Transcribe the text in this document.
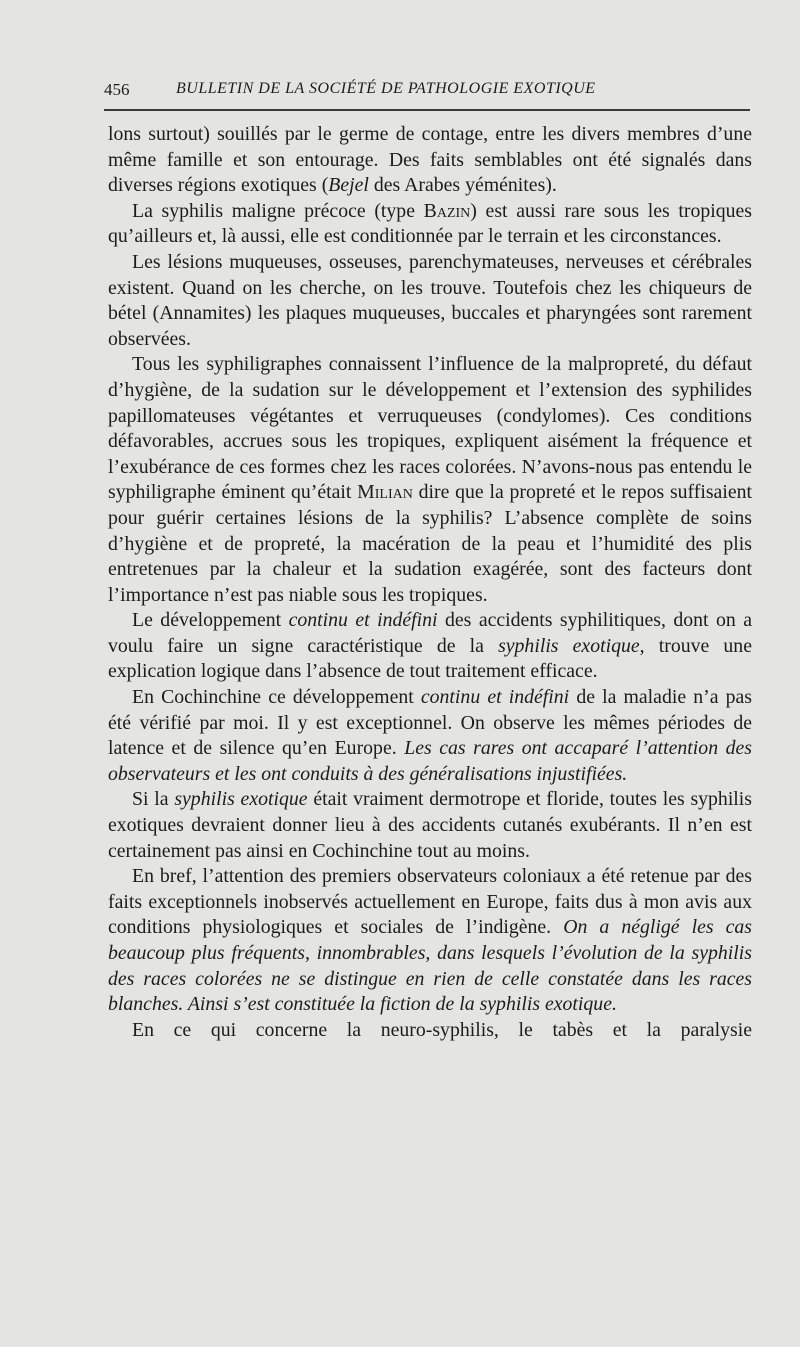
456	BULLETIN DE LA SOCIÉTÉ DE PATHOLOGIE EXOTIQUE

lons surtout) souillés par le germe de contage, entre les divers membres d’une même famille et son entourage. Des faits semblables ont été signalés dans diverses régions exotiques (Bejel des Arabes yéménites).

La syphilis maligne précoce (type Bazin) est aussi rare sous les tropiques qu’ailleurs et, là aussi, elle est conditionnée par le terrain et les circonstances.

Les lésions muqueuses, osseuses, parenchymateuses, nerveuses et cérébrales existent. Quand on les cherche, on les trouve. Toutefois chez les chiqueurs de bétel (Annamites) les plaques muqueuses, buccales et pharyngées sont rarement observées.

Tous les syphiligraphes connaissent l’influence de la malpropreté, du défaut d’hygiène, de la sudation sur le développement et l’extension des syphilides papillomateuses végétantes et verruqueuses (condylomes). Ces conditions défavorables, accrues sous les tropiques, expliquent aisément la fréquence et l’exubérance de ces formes chez les races colorées. N’avons-nous pas entendu le syphiligraphe éminent qu’était Milian dire que la propreté et le repos suffisaient pour guérir certaines lésions de la syphilis? L’absence complète de soins d’hygiène et de propreté, la macération de la peau et l’humidité des plis entretenues par la chaleur et la sudation exagérée, sont des facteurs dont l’importance n’est pas niable sous les tropiques.

Le développement continu et indéfini des accidents syphilitiques, dont on a voulu faire un signe caractéristique de la syphilis exotique, trouve une explication logique dans l’absence de tout traitement efficace.

En Cochinchine ce développement continu et indéfini de la maladie n’a pas été vérifié par moi. Il y est exceptionnel. On observe les mêmes périodes de latence et de silence qu’en Europe. Les cas rares ont accaparé l’attention des observateurs et les ont conduits à des généralisations injustifiées.

Si la syphilis exotique était vraiment dermotrope et floride, toutes les syphilis exotiques devraient donner lieu à des accidents cutanés exubérants. Il n’en est certainement pas ainsi en Cochinchine tout au moins.

En bref, l’attention des premiers observateurs coloniaux a été retenue par des faits exceptionnels inobservés actuellement en Europe, faits dus à mon avis aux conditions physiologiques et sociales de l’indigène. On a négligé les cas beaucoup plus fréquents, innombrables, dans lesquels l’évolution de la syphilis des races colorées ne se distingue en rien de celle constatée dans les races blanches. Ainsi s’est constituée la fiction de la syphilis exotique.

En ce qui concerne la neuro-syphilis, le tabès et la paralysie
